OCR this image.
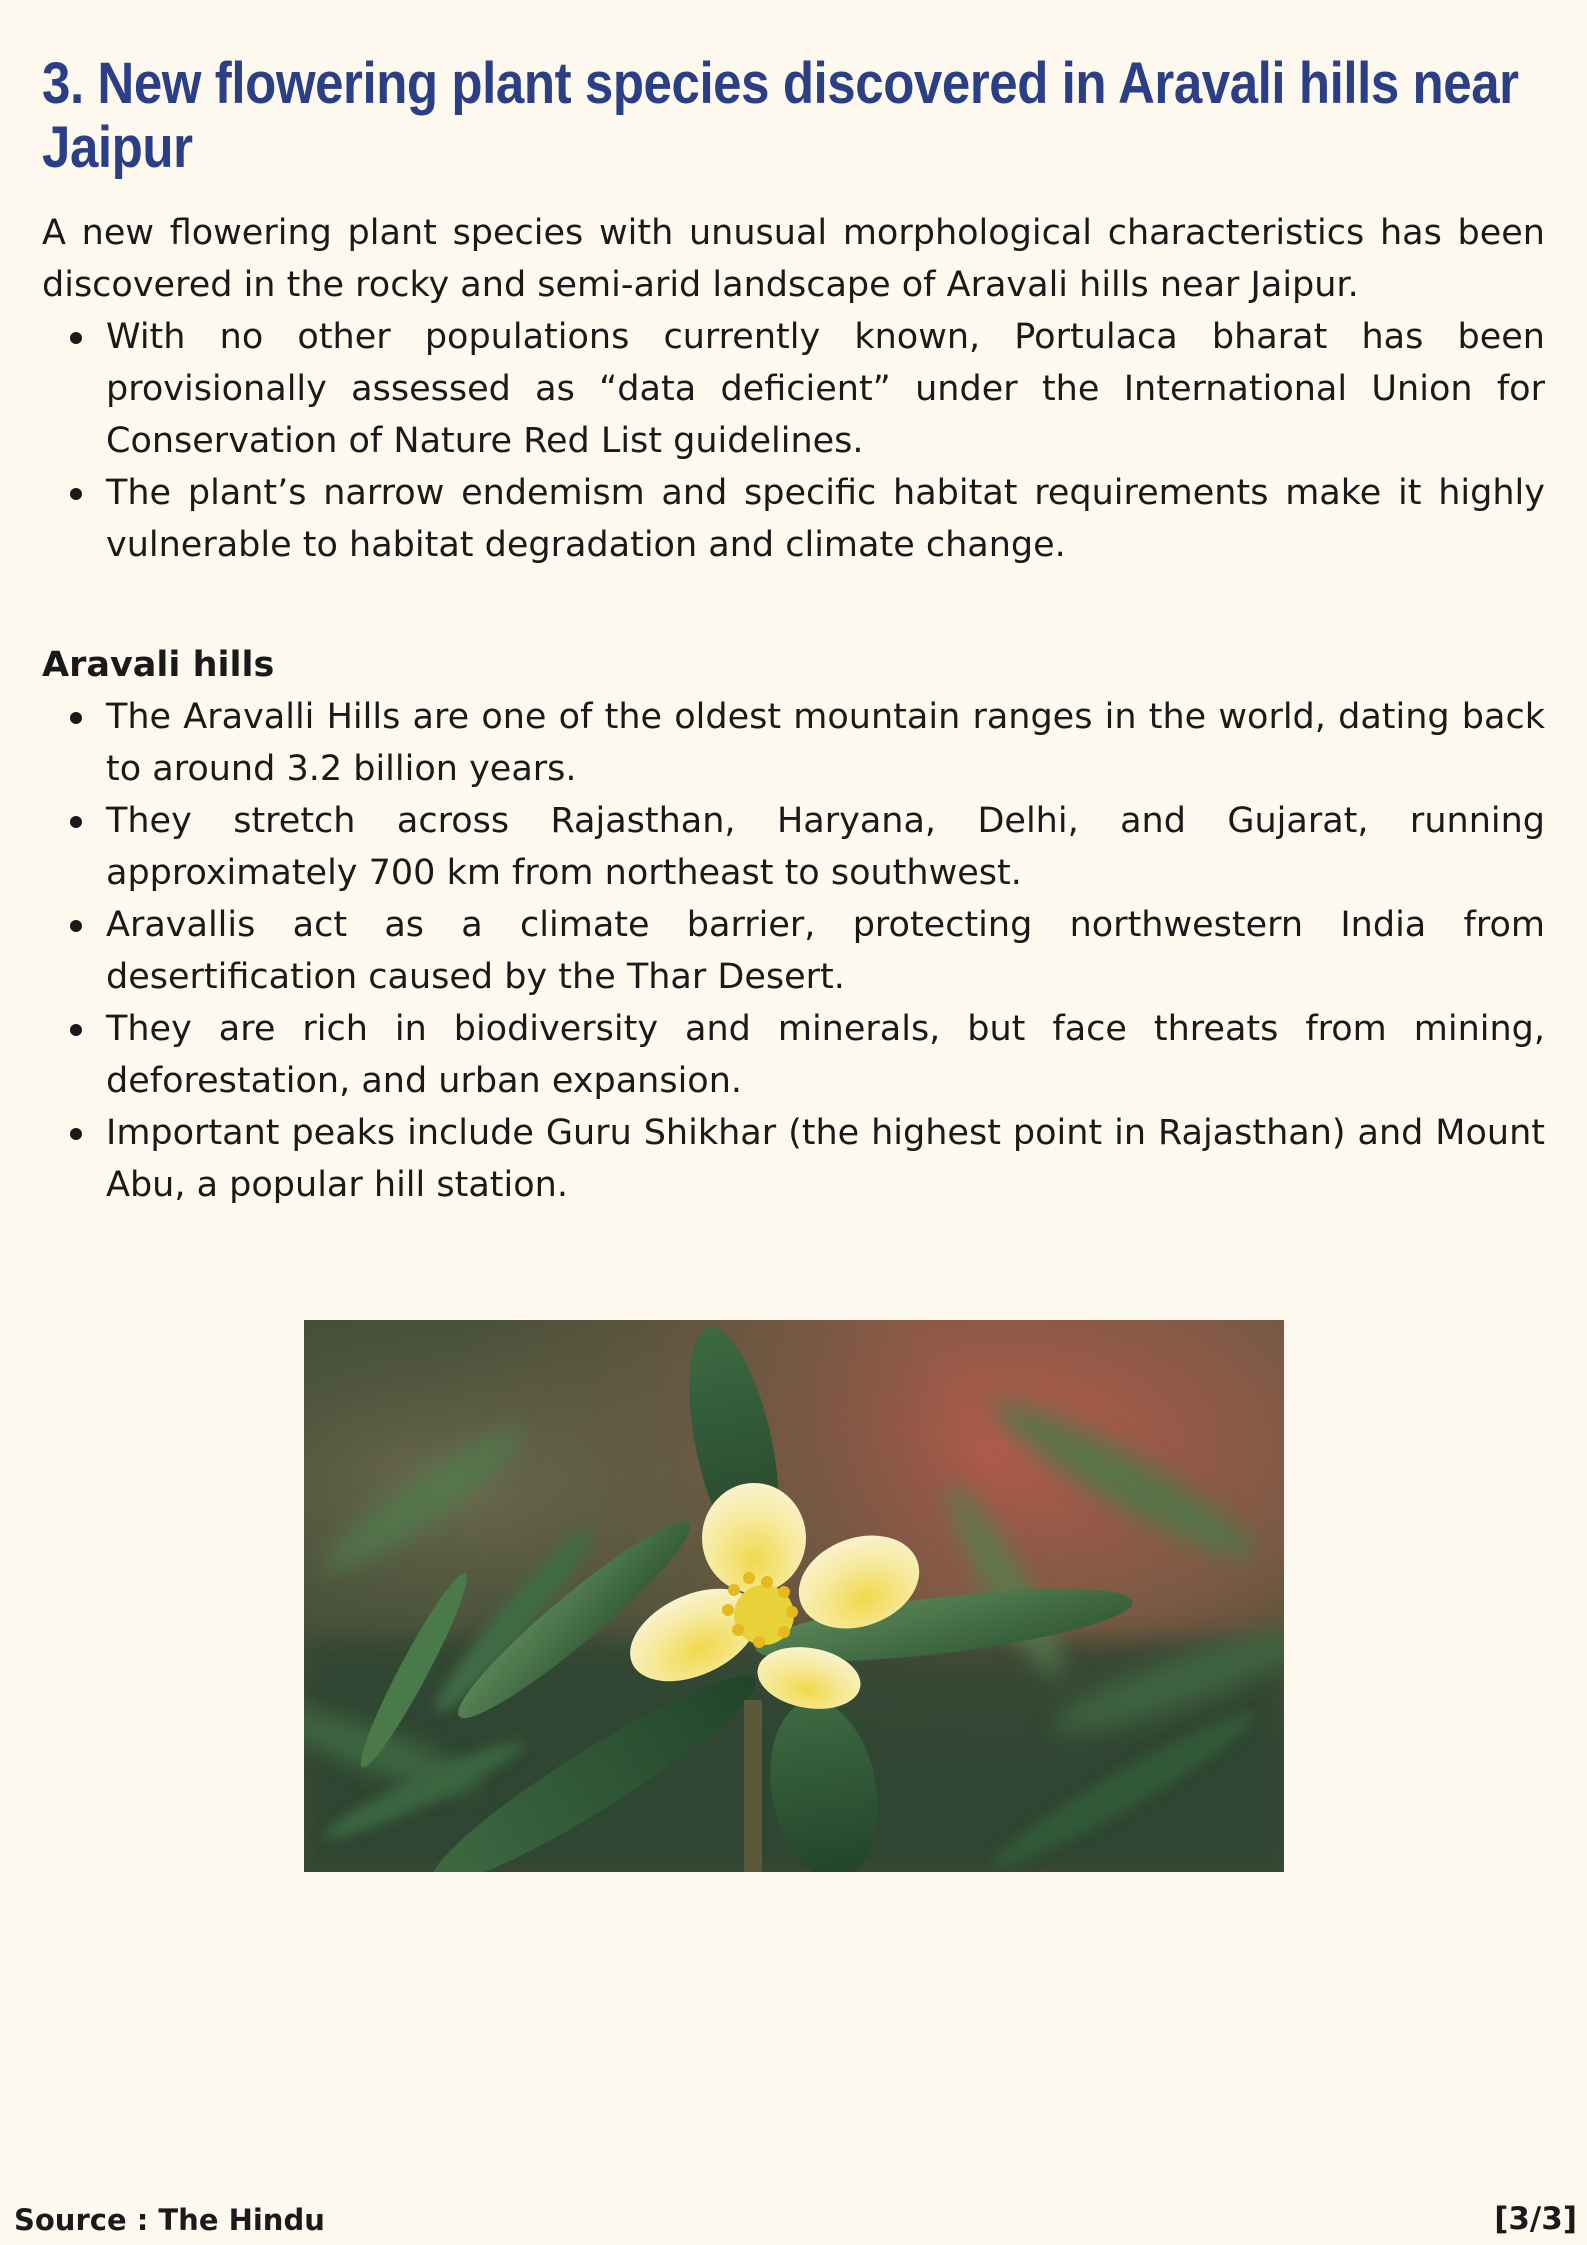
3. New flowering plant species discovered in Aravali hills near Jaipur

A new flowering plant species with unusual morphological characteristics has been discovered in the rocky and semi-arid landscape of Aravali hills near Jaipur.

With no other populations currently known, Portulaca bharat has been provisionally assessed as “data deficient” under the International Union for Conservation of Nature Red List guidelines.
The plant’s narrow endemism and specific habitat requirements make it highly vulnerable to habitat degradation and climate change.
Aravali hills
The Aravalli Hills are one of the oldest mountain ranges in the world, dating back to around 3.2 billion years.
They stretch across Rajasthan, Haryana, Delhi, and Gujarat, running approximately 700 km from northeast to southwest.
Aravallis act as a climate barrier, protecting northwestern India from desertification caused by the Thar Desert.
They are rich in biodiversity and minerals, but face threats from mining, deforestation, and urban expansion.
Important peaks include Guru Shikhar (the highest point in Rajasthan) and Mount Abu, a popular hill station.
Source : The Hindu	[3/3]
